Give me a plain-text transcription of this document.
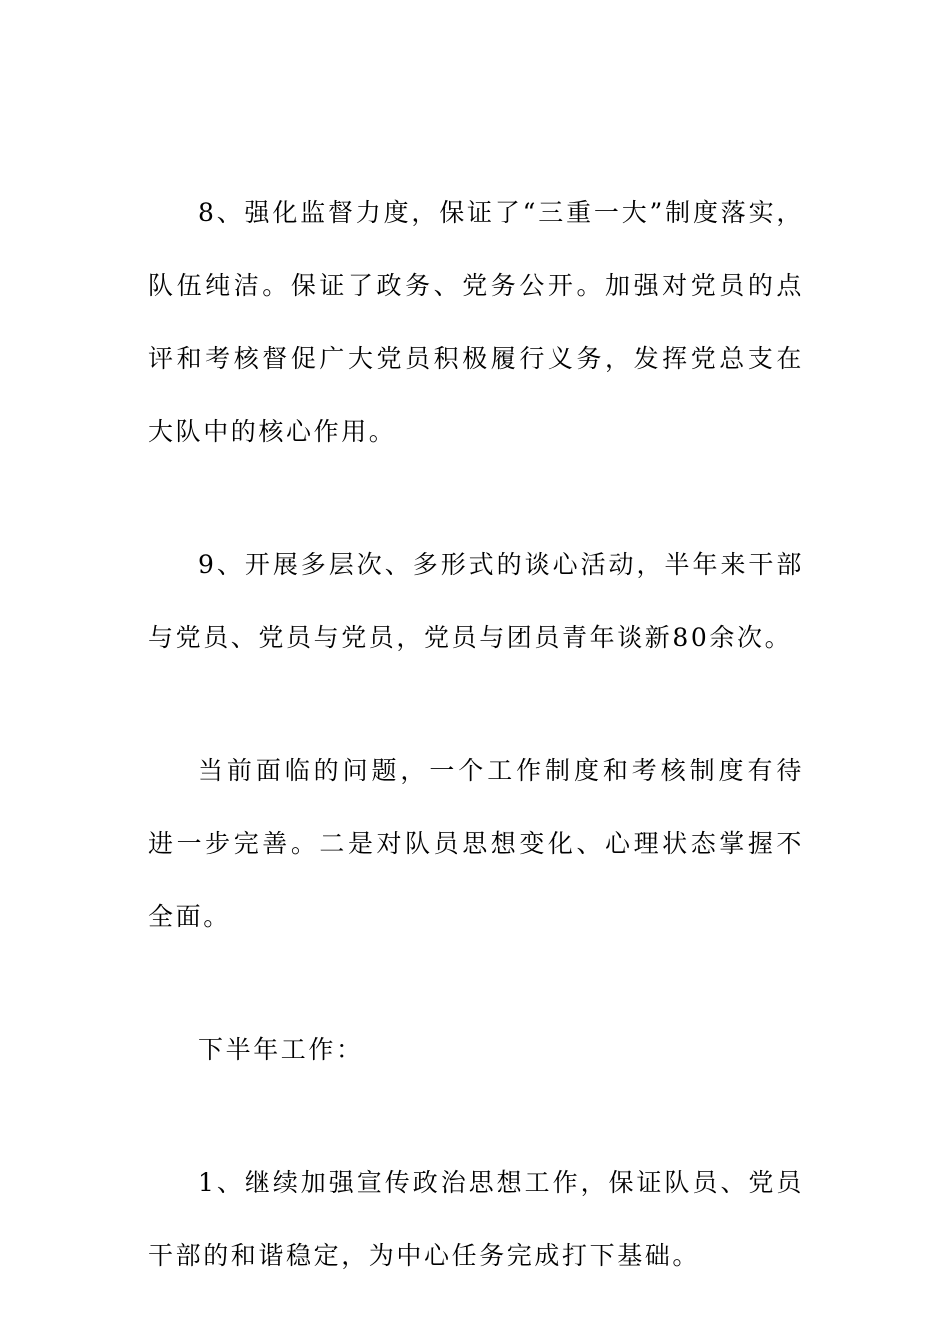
8、强化监督力度，保证了“三重一大”制度落实，队伍纯洁。保证了政务、党务公开。加强对党员的点评和考核督促广大党员积极履行义务，发挥党总支在大队中的核心作用。

9、开展多层次、多形式的谈心活动，半年来干部与党员、党员与党员，党员与团员青年谈新80余次。

当前面临的问题，一个工作制度和考核制度有待进一步完善。二是对队员思想变化、心理状态掌握不全面。

下半年工作：

1、继续加强宣传政治思想工作，保证队员、党员干部的和谐稳定，为中心任务完成打下基础。
